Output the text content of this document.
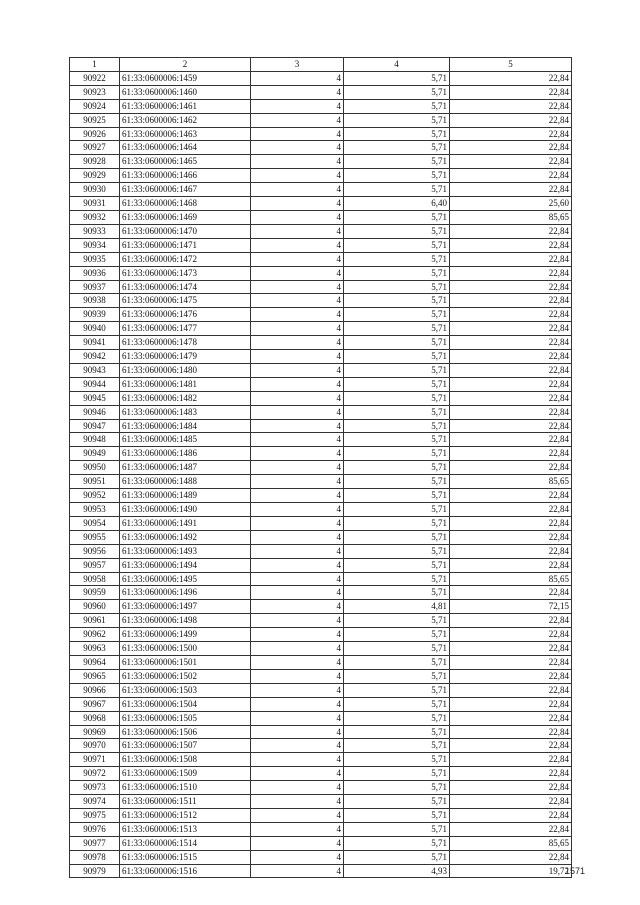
1	2	3	4	5
90922	61:33:0600006:1459	4	5,71	22,84
90923	61:33:0600006:1460	4	5,71	22,84
90924	61:33:0600006:1461	4	5,71	22,84
90925	61:33:0600006:1462	4	5,71	22,84
90926	61:33:0600006:1463	4	5,71	22,84
90927	61:33:0600006:1464	4	5,71	22,84
90928	61:33:0600006:1465	4	5,71	22,84
90929	61:33:0600006:1466	4	5,71	22,84
90930	61:33:0600006:1467	4	5,71	22,84
90931	61:33:0600006:1468	4	6,40	25,60
90932	61:33:0600006:1469	4	5,71	85,65
90933	61:33:0600006:1470	4	5,71	22,84
90934	61:33:0600006:1471	4	5,71	22,84
90935	61:33:0600006:1472	4	5,71	22,84
90936	61:33:0600006:1473	4	5,71	22,84
90937	61:33:0600006:1474	4	5,71	22,84
90938	61:33:0600006:1475	4	5,71	22,84
90939	61:33:0600006:1476	4	5,71	22,84
90940	61:33:0600006:1477	4	5,71	22,84
90941	61:33:0600006:1478	4	5,71	22,84
90942	61:33:0600006:1479	4	5,71	22,84
90943	61:33:0600006:1480	4	5,71	22,84
90944	61:33:0600006:1481	4	5,71	22,84
90945	61:33:0600006:1482	4	5,71	22,84
90946	61:33:0600006:1483	4	5,71	22,84
90947	61:33:0600006:1484	4	5,71	22,84
90948	61:33:0600006:1485	4	5,71	22,84
90949	61:33:0600006:1486	4	5,71	22,84
90950	61:33:0600006:1487	4	5,71	22,84
90951	61:33:0600006:1488	4	5,71	85,65
90952	61:33:0600006:1489	4	5,71	22,84
90953	61:33:0600006:1490	4	5,71	22,84
90954	61:33:0600006:1491	4	5,71	22,84
90955	61:33:0600006:1492	4	5,71	22,84
90956	61:33:0600006:1493	4	5,71	22,84
90957	61:33:0600006:1494	4	5,71	22,84
90958	61:33:0600006:1495	4	5,71	85,65
90959	61:33:0600006:1496	4	5,71	22,84
90960	61:33:0600006:1497	4	4,81	72,15
90961	61:33:0600006:1498	4	5,71	22,84
90962	61:33:0600006:1499	4	5,71	22,84
90963	61:33:0600006:1500	4	5,71	22,84
90964	61:33:0600006:1501	4	5,71	22,84
90965	61:33:0600006:1502	4	5,71	22,84
90966	61:33:0600006:1503	4	5,71	22,84
90967	61:33:0600006:1504	4	5,71	22,84
90968	61:33:0600006:1505	4	5,71	22,84
90969	61:33:0600006:1506	4	5,71	22,84
90970	61:33:0600006:1507	4	5,71	22,84
90971	61:33:0600006:1508	4	5,71	22,84
90972	61:33:0600006:1509	4	5,71	22,84
90973	61:33:0600006:1510	4	5,71	22,84
90974	61:33:0600006:1511	4	5,71	22,84
90975	61:33:0600006:1512	4	5,71	22,84
90976	61:33:0600006:1513	4	5,71	22,84
90977	61:33:0600006:1514	4	5,71	85,65
90978	61:33:0600006:1515	4	5,71	22,84
90979	61:33:0600006:1516	4	4,93	19,72
1571
